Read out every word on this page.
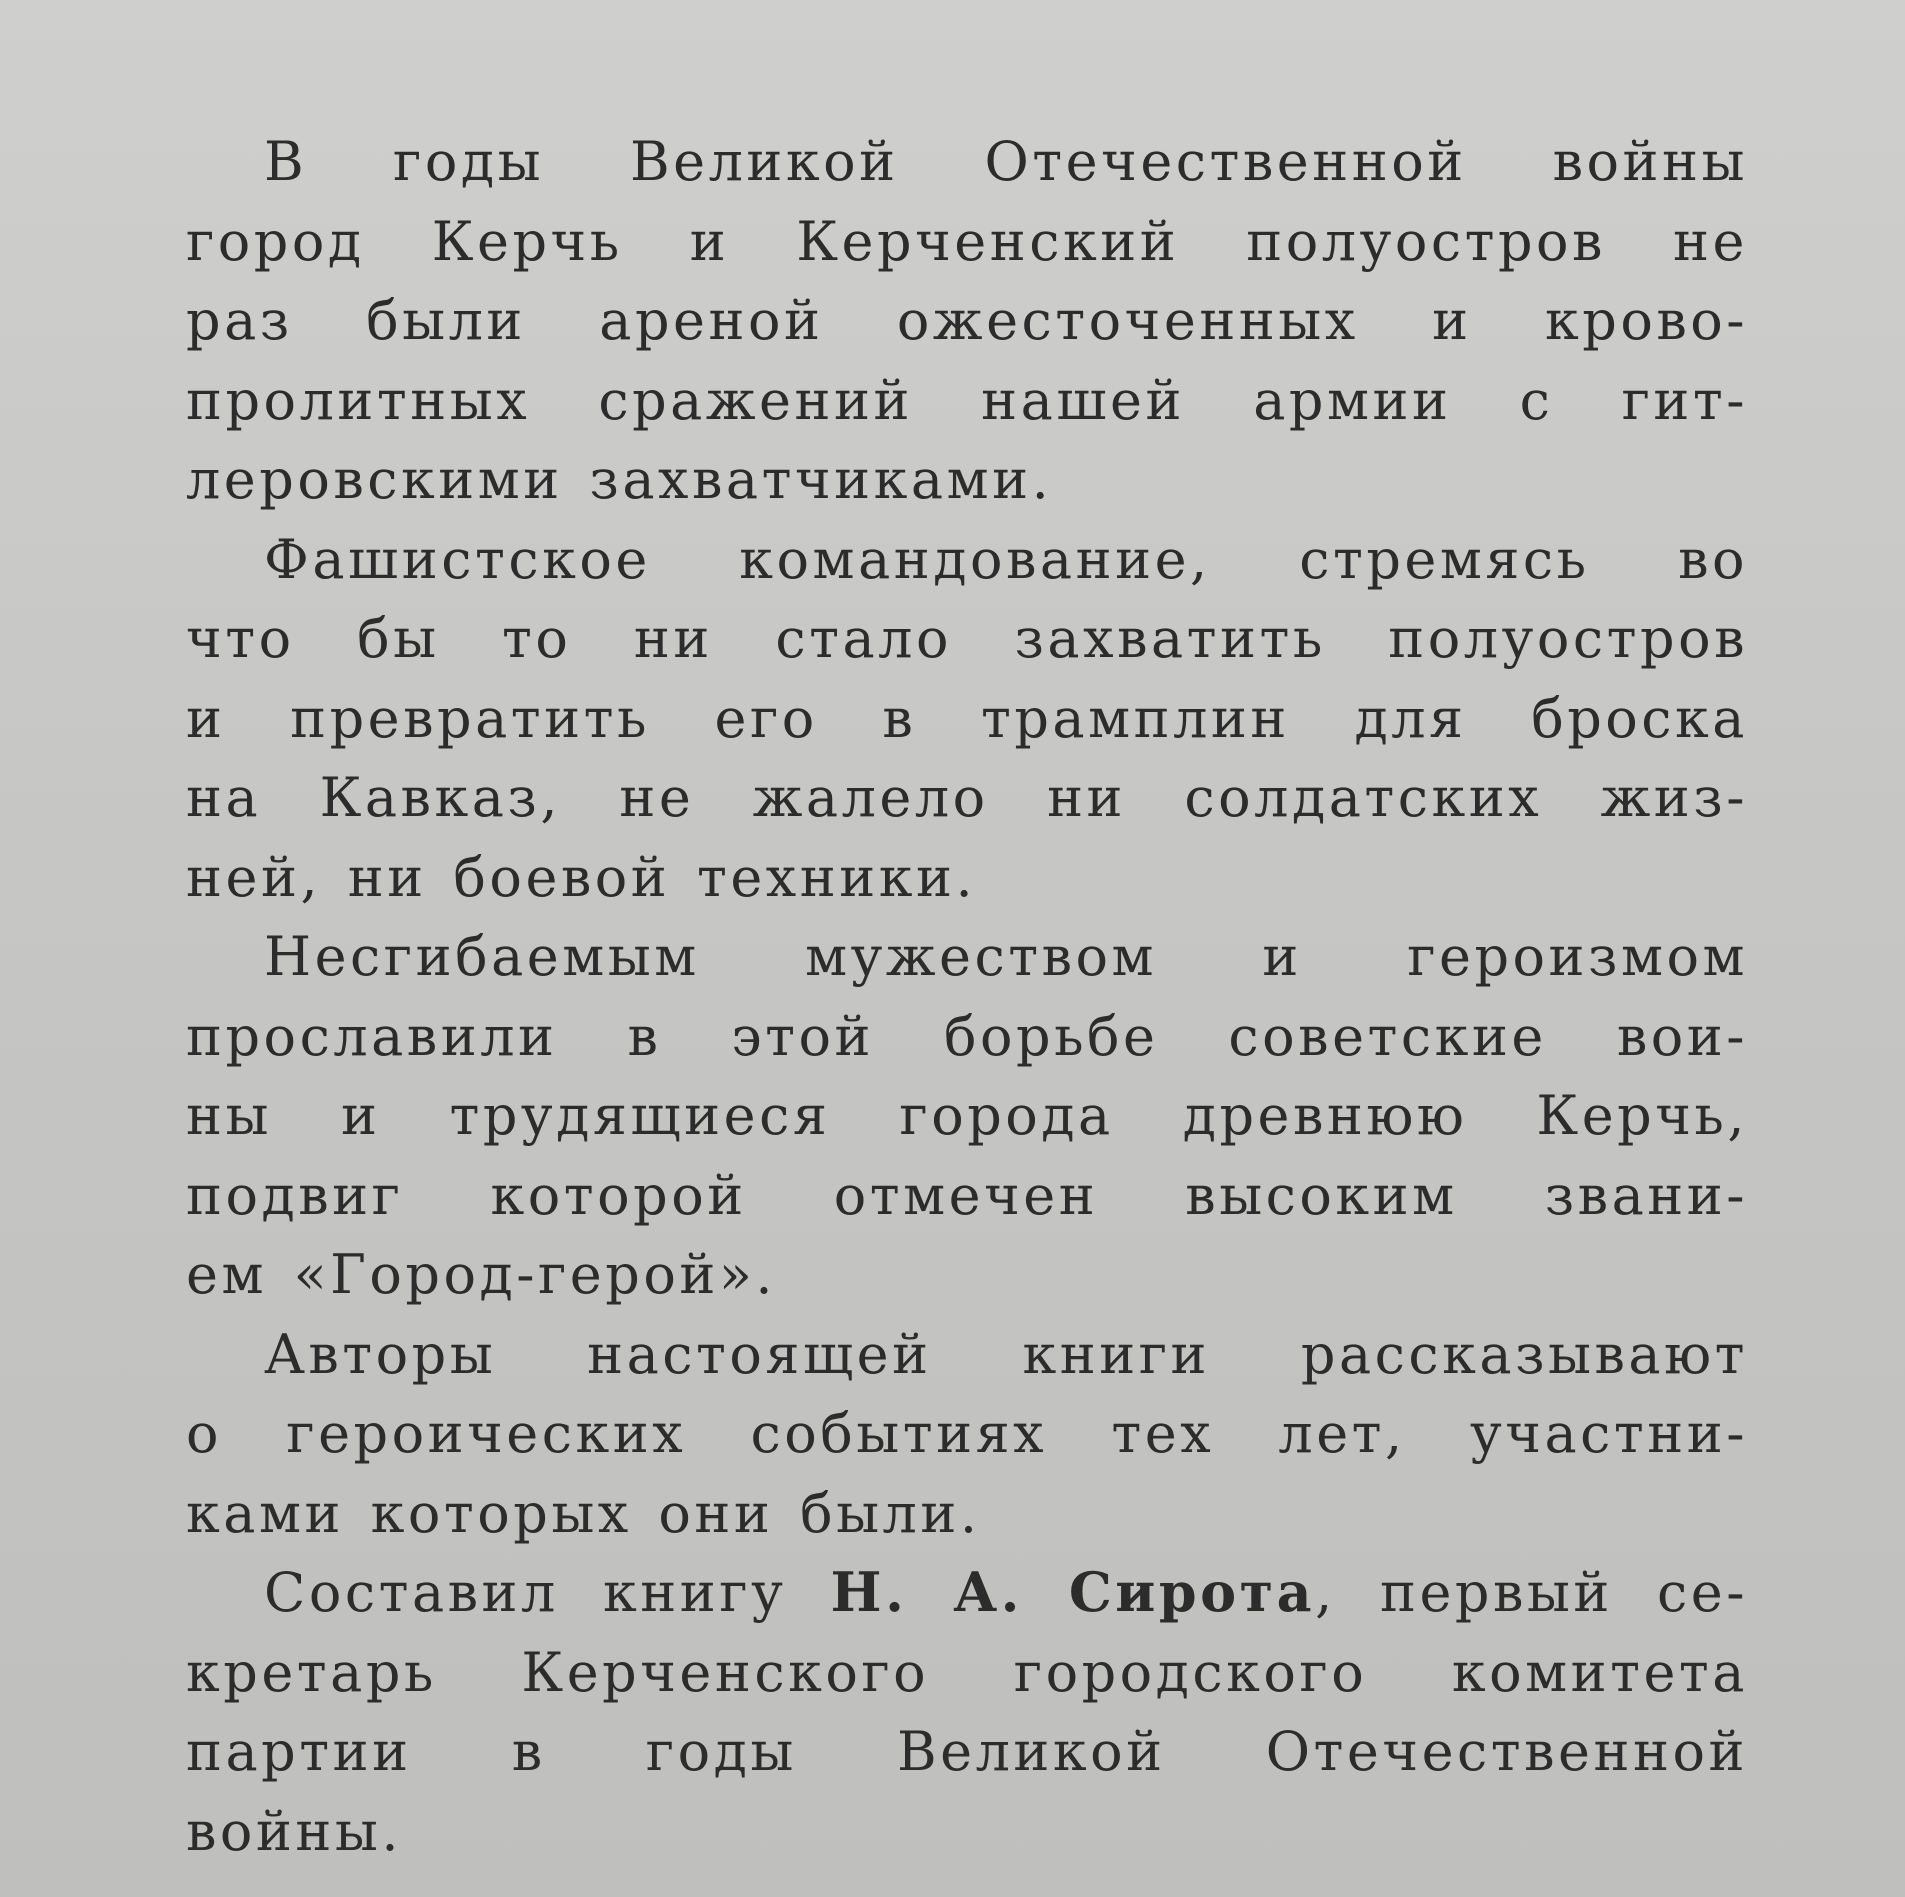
В годы Великой Отечественной войны
город Керчь и Керченский полуостров не
раз были ареной ожесточенных и крово-
пролитных сражений нашей армии с гит-
леровскими захватчиками.
Фашистское командование, стремясь во
что бы то ни стало захватить полуостров
и превратить его в трамплин для броска
на Кавказ, не жалело ни солдатских жиз-
ней, ни боевой техники.
Несгибаемым мужеством и героизмом
прославили в этой борьбе советские вои-
ны и трудящиеся города древнюю Керчь,
подвиг которой отмечен высоким звани-
ем «Город-герой».
Авторы настоящей книги рассказывают
о героических событиях тех лет, участни-
ками которых они были.
Составил книгу Н. А. Сирота, первый се-
кретарь Керченского городского комитета
партии в годы Великой Отечественной
войны.
